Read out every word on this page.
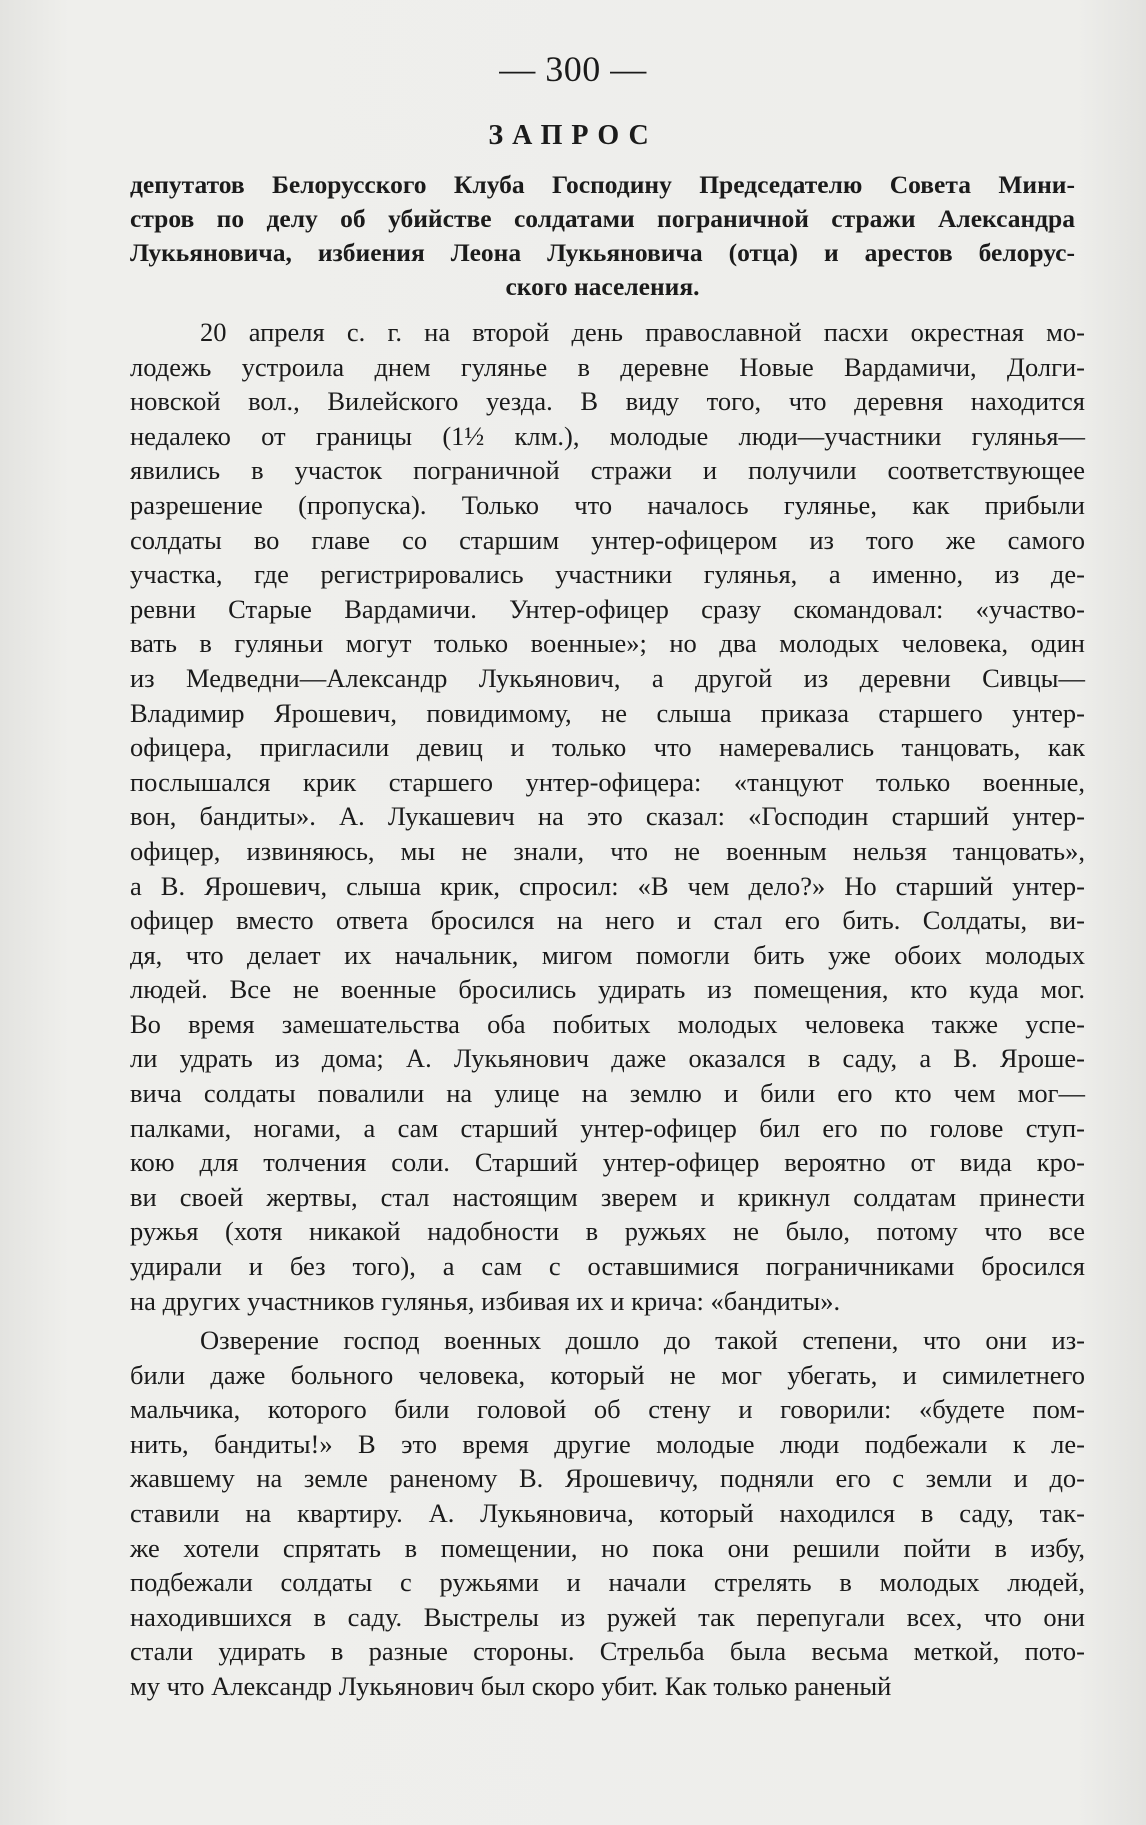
— 300 —
ЗАПРОС
депутатов Белорусского Клуба Господину Председателю Совета Мини-
стров по делу об убийстве солдатами пограничной стражи Александра
Лукьяновича, избиения Леона Лукьяновича (отца) и арестов белорус-
ского населения.
20 апреля с. г. на второй день православной пасхи окрестная мо-
лодежь устроила днем гулянье в деревне Новые Вардамичи, Долги-
новской вол., Вилейского уезда. В виду того, что деревня находится
недалеко от границы (1½ клм.), молодые люди—участники гулянья—
явились в участок пограничной стражи и получили соответствующее
разрешение (пропуска). Только что началось гулянье, как прибыли
солдаты во главе со старшим унтер-офицером из того же самого
участка, где регистрировались участники гулянья, а именно, из де-
ревни Старые Вардамичи. Унтер-офицер сразу скомандовал: «участво-
вать в гуляньи могут только военные»; но два молодых человека, один
из Медведни—Александр Лукьянович, а другой из деревни Сивцы—
Владимир Ярошевич, повидимому, не слыша приказа старшего унтер-
офицера, пригласили девиц и только что намеревались танцовать, как
послышался крик старшего унтер-офицера: «танцуют только военные,
вон, бандиты». А. Лукашевич на это сказал: «Господин старший унтер-
офицер, извиняюсь, мы не знали, что не военным нельзя танцовать»,
а В. Ярошевич, слыша крик, спросил: «В чем дело?» Но старший унтер-
офицер вместо ответа бросился на него и стал его бить. Солдаты, ви-
дя, что делает их начальник, мигом помогли бить уже обоих молодых
людей. Все не военные бросились удирать из помещения, кто куда мог.
Во время замешательства оба побитых молодых человека также успе-
ли удрать из дома; А. Лукьянович даже оказался в саду, а В. Яроше-
вича солдаты повалили на улице на землю и били его кто чем мог—
палками, ногами, а сам старший унтер-офицер бил его по голове ступ-
кою для толчения соли. Старший унтер-офицер вероятно от вида кро-
ви своей жертвы, стал настоящим зверем и крикнул солдатам принести
ружья (хотя никакой надобности в ружьях не было, потому что все
удирали и без того), а сам с оставшимися пограничниками бросился
на других участников гулянья, избивая их и крича: «бандиты».
Озверение господ военных дошло до такой степени, что они из-
били даже больного человека, который не мог убегать, и симилетнего
мальчика, которого били головой об стену и говорили: «будете пом-
нить, бандиты!» В это время другие молодые люди подбежали к ле-
жавшему на земле раненому В. Ярошевичу, подняли его с земли и до-
ставили на квартиру. А. Лукьяновича, который находился в саду, так-
же хотели спрятать в помещении, но пока они решили пойти в избу,
подбежали солдаты с ружьями и начали стрелять в молодых людей,
находившихся в саду. Выстрелы из ружей так перепугали всех, что они
стали удирать в разные стороны. Стрельба была весьма меткой, пото-
му что Александр Лукьянович был скоро убит. Как только раненый
